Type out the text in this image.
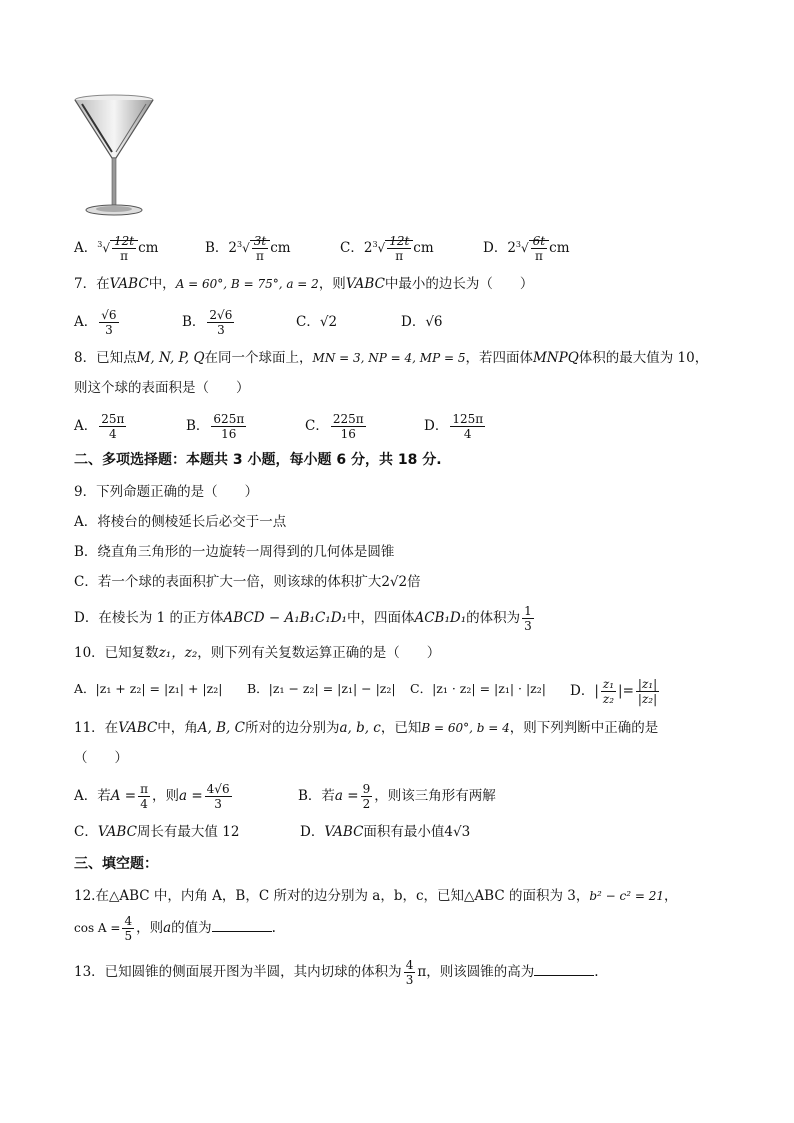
A．$^3√ \frac{12t}{\pi}$ cm	B．$2^3√ \frac{3t}{\pi}$ cm	C．$2^3√ \frac{12t}{\pi}$ cm	D．$2^3√ \frac{6t}{\pi}$ cm
7．在VABC中，A = 60°, B = 75°, a = 2，则VABC中最小的边长为（　　）
A． $\frac{√6}{3}$	B． $\frac{2√6}{3}$	C．√2	D．√6
8．已知点M, N, P, Q在同一个球面上，MN = 3, NP = 4, MP = 5，若四面体MNPQ体积的最大值为 10，
则这个球的表面积是（　　）
A． $\frac{25\pi}{4}$	B． $\frac{625\pi}{16}$	C． $\frac{225\pi}{16}$	D． $\frac{125\pi}{4}$
二、多项选择题：本题共 3 小题，每小题 6 分，共 18 分.
9．下列命题正确的是（　　）
A．将棱台的侧棱延长后必交于一点
B．绕直角三角形的一边旋转一周得到的几何体是圆锥
C．若一个球的表面积扩大一倍，则该球的体积扩大2√2倍
D．在棱长为 1 的正方体ABCD − A₁B₁C₁D₁中，四面体ACB₁D₁的体积为 $\frac{1}{3}$
10．已知复数z₁，z₂，则下列有关复数运算正确的是（　　）
A．|z₁ + z₂| = |z₁| + |z₂| B．|z₁ − z₂| = |z₁| − |z₂| C．|z₁ · z₂| = |z₁| · |z₂| D．| $\frac{\text{z₁}}{\text{z₂}}$ |= $\frac{\text{|z₁|}}{\text{|z₂|}}$
11．在VABC中，角A, B, C所对的边分别为a, b, c，已知B = 60°, b = 4，则下列判断中正确的是
（　　）
A．若$A = \frac{\pi}{4}$ ，则$a = \frac{4√6}{3}$	B．若$a = \frac{9}{2}$ ，则该三角形有两解
C．VABC周长有最大值 12	D．VABC面积有最小值4√3
三、填空题：
12.在△ABC 中，内角 A，B，C 所对的边分别为 a，b，c，已知△ABC 的面积为 3，b² − c² = 21，
$\cos A = \frac{4}{5}$ ，则a的值为	.
13．已知圆锥的侧面展开图为半圆，其内切球的体积为 $\frac{4}{3}$ π，则该圆锥的高为	.
